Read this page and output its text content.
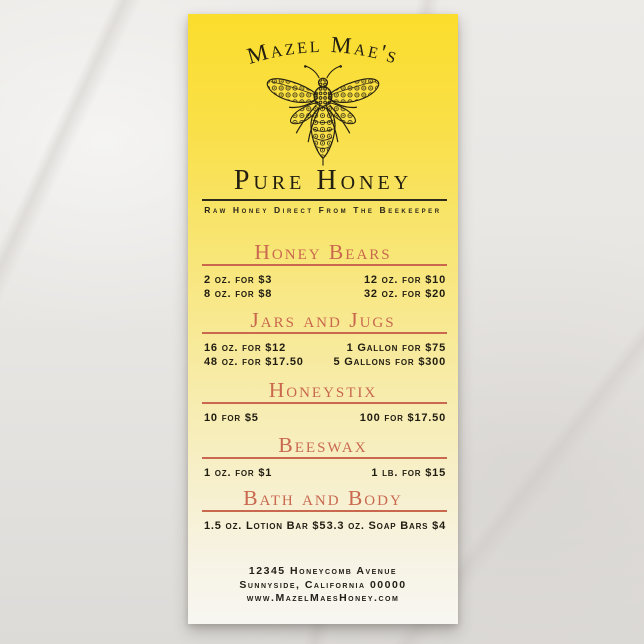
Mazel Mae's
Pure Honey
Raw Honey Direct From The Beekeeper
Honey Bears
2 oz. for $3	12 oz. for $10
8 oz. for $8	32 oz. for $20
Jars and Jugs
16 oz. for $12	1 Gallon for $75
48 oz. for $17.50	5 Gallons for $300
Honeystix
10 for $5	100 for $17.50
Beeswax
1 oz. for $1	1 lb. for $15
Bath and Body
1.5 oz. Lotion Bar $5 3.3 oz. Soap Bars $4
12345 Honeycomb Avenue
Sunnyside, California 00000
www.MazelMaesHoney.com
